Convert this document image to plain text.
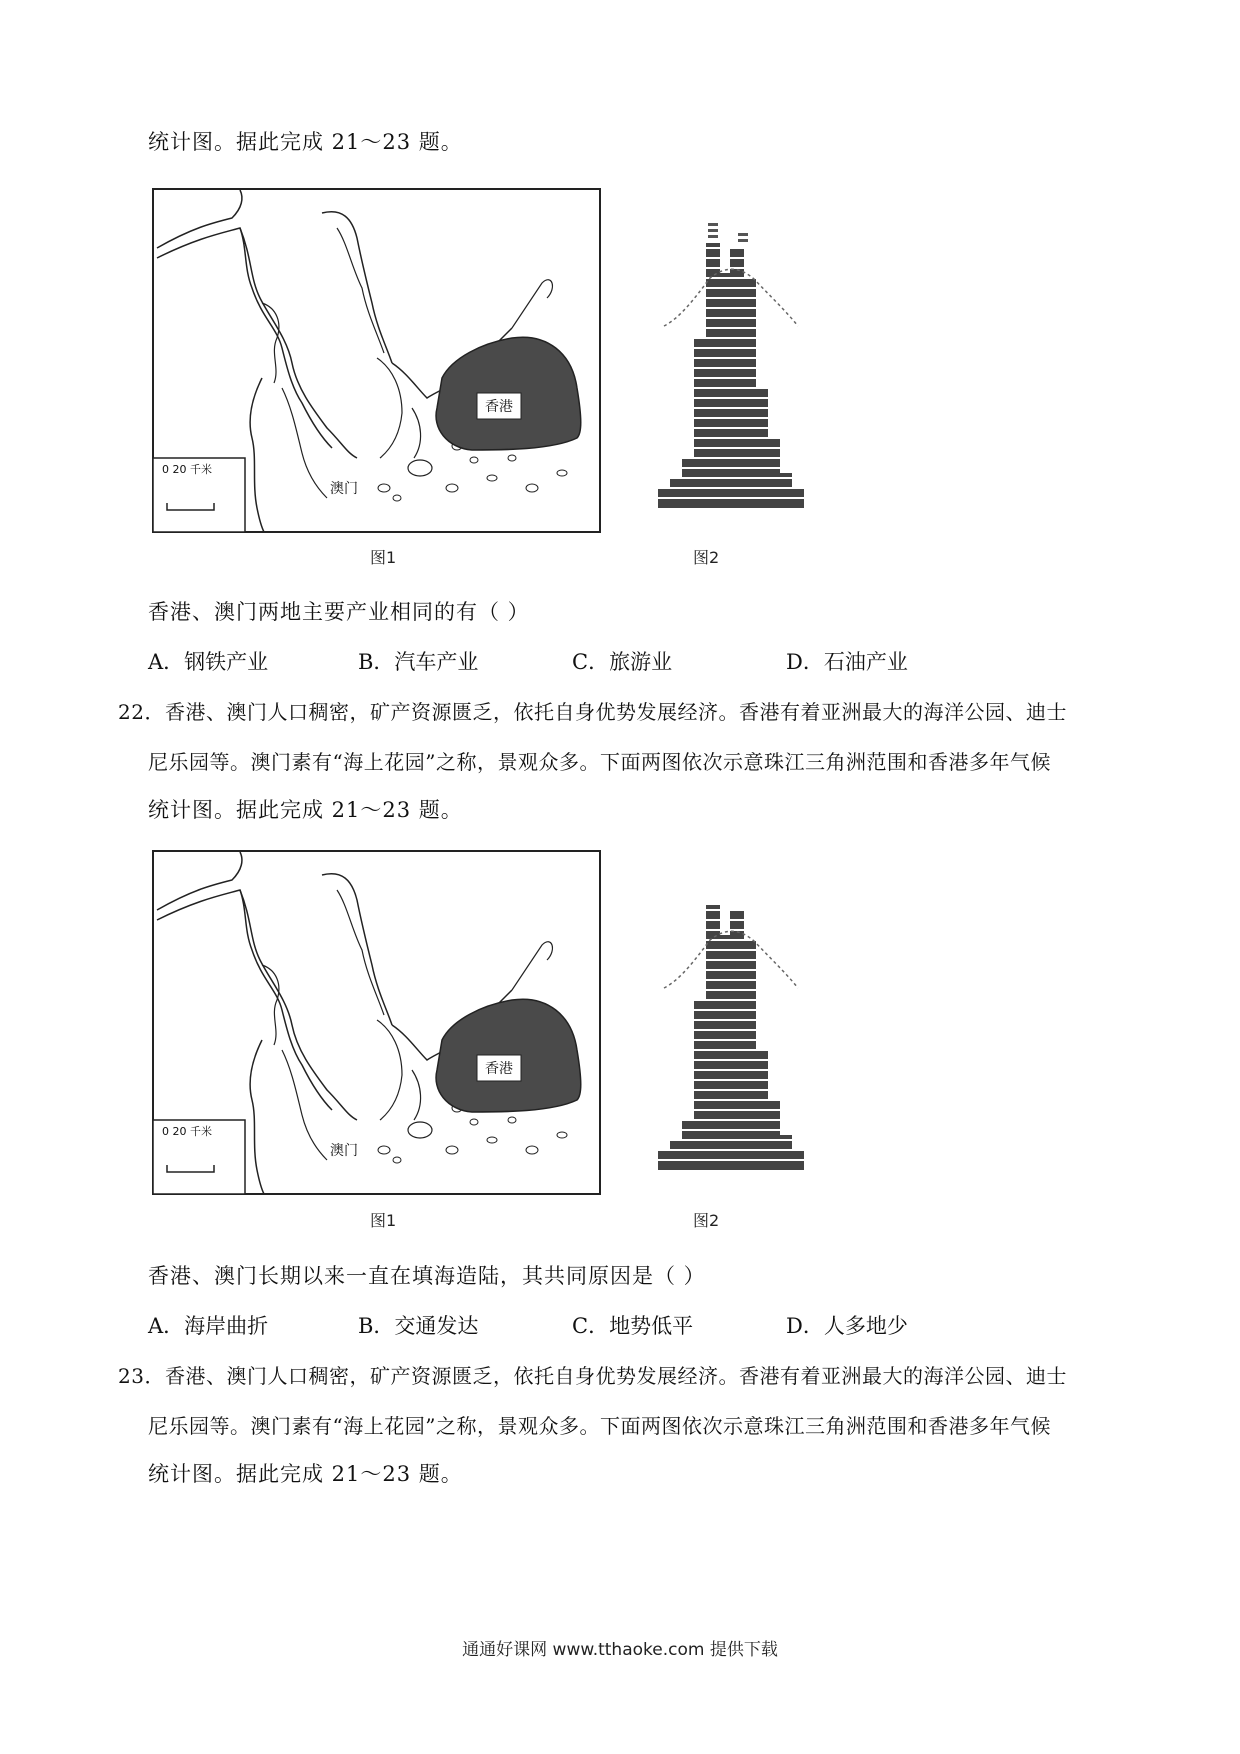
统计图。据此完成 21～23 题。
香港
澳门
0 20 千米
图1	图2
香港、澳门两地主要产业相同的有（ ）
A．钢铁产业	B．汽车产业	C．旅游业	D．石油产业
22．香港、澳门人口稠密，矿产资源匮乏，依托自身优势发展经济。香港有着亚洲最大的海洋公园、迪士
尼乐园等。澳门素有“海上花园”之称，景观众多。下面两图依次示意珠江三角洲范围和香港多年气候
统计图。据此完成 21～23 题。
香港
澳门
0 20 千米
图1	图2
香港、澳门长期以来一直在填海造陆，其共同原因是（ ）
A．海岸曲折	B．交通发达	C．地势低平	D．人多地少
23．香港、澳门人口稠密，矿产资源匮乏，依托自身优势发展经济。香港有着亚洲最大的海洋公园、迪士
尼乐园等。澳门素有“海上花园”之称，景观众多。下面两图依次示意珠江三角洲范围和香港多年气候
统计图。据此完成 21～23 题。
通通好课网 www.tthaoke.com 提供下载
